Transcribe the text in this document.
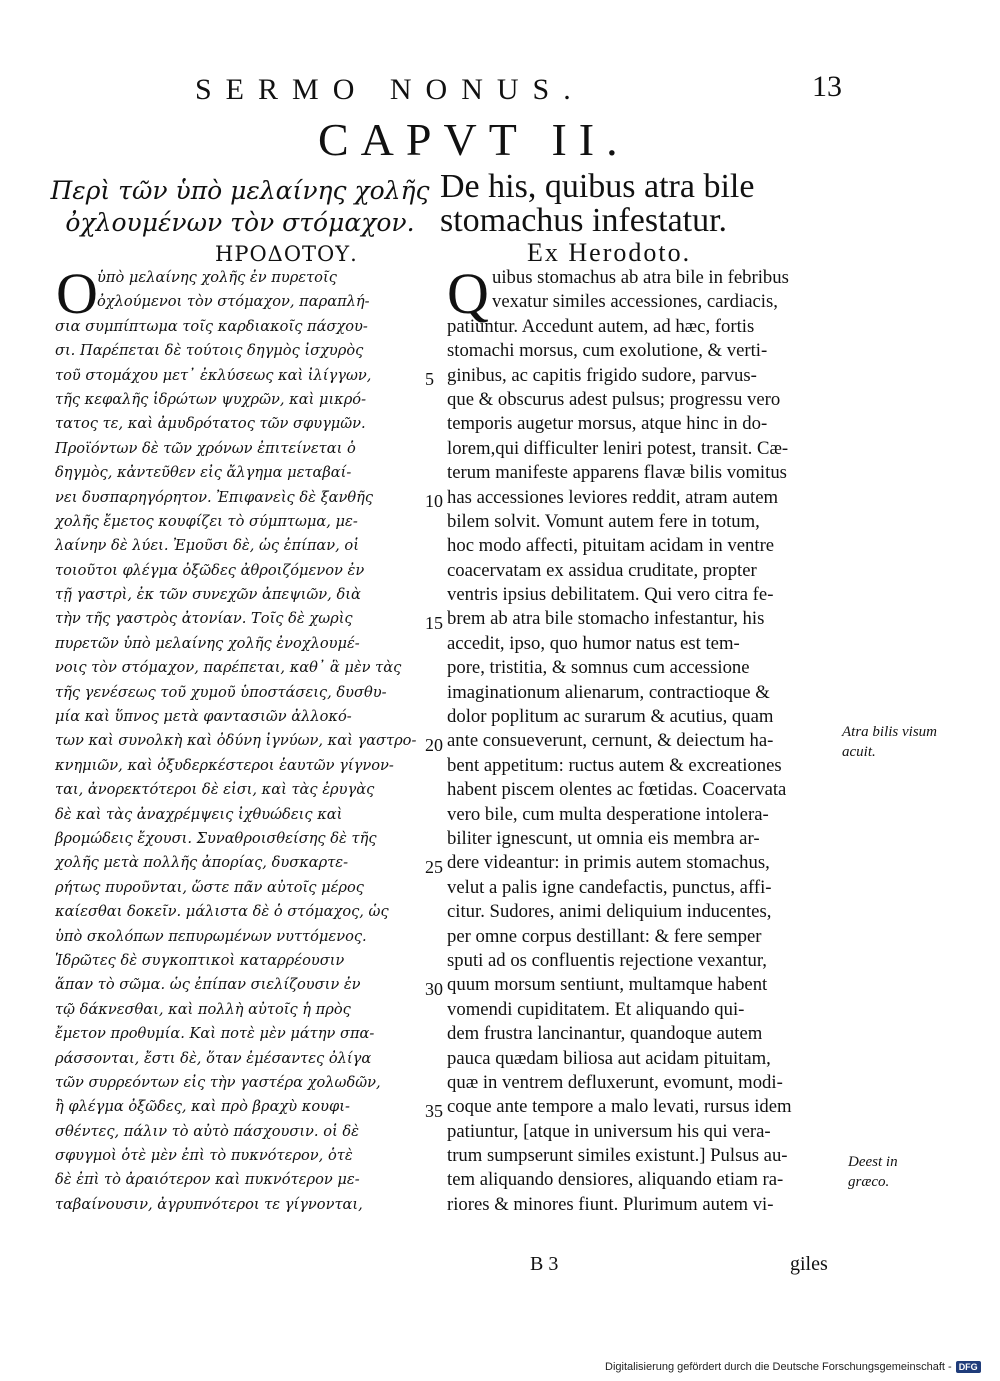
SERMO NONUS.	13
CAPVT II.
Περὶ τῶν ὑπὸ μελαίνης χολῆς ὀχλουμένων τὸν στόμαχον.
De his, quibus atra bile stomachus infestatur.
ΗΡΟΔΟΤΟΥ.	Ex Herodoto.
Ο	Q
ὑπὸ μελαίνης χολῆς ἐν πυρετοῖς
ὀχλούμενοι τὸν στόμαχον, παραπλή-
σια συμπίπτωμα τοῖς καρδιακοῖς πάσχου-
σι. Παρέπεται δὲ τούτοις δηγμὸς ἰσχυρὸς
τοῦ στομάχου μετ᾽ ἐκλύσεως καὶ ἰλίγγων,
τῆς κεφαλῆς ἱδρώτων ψυχρῶν, καὶ μικρό-
τατος τε, καὶ ἀμυδρότατος τῶν σφυγμῶν.
Προϊόντων δὲ τῶν χρόνων ἐπιτείνεται ὁ
δηγμὸς, κἀντεῦθεν εἰς ἄλγημα μεταβαί-
νει δυσπαρηγόρητον. Ἐπιφανεὶς δὲ ξανθῆς
χολῆς ἔμετος κουφίζει τὸ σύμπτωμα, με-
λαίνην δὲ λύει. Ἐμοῦσι δὲ, ὡς ἐπίπαν, οἱ
τοιοῦτοι φλέγμα ὀξῶδες ἀθροιζόμενον ἐν
τῇ γαστρὶ, ἐκ τῶν συνεχῶν ἀπεψιῶν, διὰ
τὴν τῆς γαστρὸς ἀτονίαν. Τοῖς δὲ χωρὶς
πυρετῶν ὑπὸ μελαίνης χολῆς ἐνοχλουμέ-
νοις τὸν στόμαχον, παρέπεται, καθ᾽ ἃ μὲν τὰς
τῆς γενέσεως τοῦ χυμοῦ ὑποστάσεις, δυσθυ-
μία καὶ ὕπνος μετὰ φαντασιῶν ἀλλοκό-
των καὶ συνολκὴ καὶ ὀδύνη ἰγνύων, καὶ γαστρο-
κνημιῶν, καὶ ὀξυδερκέστεροι ἑαυτῶν γίγνον-
ται, ἀνορεκτότεροι δὲ εἰσι, καὶ τὰς ἐρυγὰς
δὲ καὶ τὰς ἀναχρέμψεις ἰχθυώδεις καὶ
βρομώδεις ἔχουσι. Συναθροισθείσης δὲ τῆς
χολῆς μετὰ πολλῆς ἀπορίας, δυσκαρτε-
ρήτως πυροῦνται, ὥστε πᾶν αὐτοῖς μέρος
καίεσθαι δοκεῖν. μάλιστα δὲ ὁ στόμαχος, ὡς
ὑπὸ σκολόπων πεπυρωμένων νυττόμενος.
Ἱδρῶτες δὲ συγκοπτικοὶ καταρρέουσιν
ἅπαν τὸ σῶμα. ὡς ἐπίπαν σιελίζουσιν ἐν
τῷ δάκνεσθαι, καὶ πολλὴ αὐτοῖς ἡ πρὸς
ἔμετον προθυμία. Καὶ ποτὲ μὲν μάτην σπα-
ράσσονται, ἔστι δὲ, ὅταν ἐμέσαντες ὀλίγα
τῶν συρρεόντων εἰς τὴν γαστέρα χολωδῶν,
ἢ φλέγμα ὀξῶδες, καὶ πρὸ βραχὺ κουφι-
σθέντες, πάλιν τὸ αὐτὸ πάσχουσιν. οἱ δὲ
σφυγμοὶ ὁτὲ μὲν ἐπὶ τὸ πυκνότερον, ὁτὲ
δὲ ἐπὶ τὸ ἀραιότερον καὶ πυκνότερον με-
ταβαίνουσιν, ἀγρυπνότεροι τε γίγνονται,
uibus stomachus ab atra bile in febribus
vexatur similes accessiones, cardiacis,
patiuntur. Accedunt autem, ad hæc, fortis
stomachi morsus, cum exolutione, & verti-
ginibus, ac capitis frigido sudore, parvus-
que & obscurus adest pulsus; progressu vero
temporis augetur morsus, atque hinc in do-
lorem,qui difficulter leniri potest, transit. Cæ-
terum manifeste apparens flavæ bilis vomitus
has accessiones leviores reddit, atram autem
bilem solvit. Vomunt autem fere in totum,
hoc modo affecti, pituitam acidam in ventre
coacervatam ex assidua cruditate, propter
ventris ipsius debilitatem. Qui vero citra fe-
brem ab atra bile stomacho infestantur, his
accedit, ipso, quo humor natus est tem-
pore, tristitia, & somnus cum accessione
imaginationum alienarum, contractioque &
dolor poplitum ac surarum & acutius, quam
ante consueverunt, cernunt, & deiectum ha-
bent appetitum: ructus autem & excreationes
habent piscem olentes ac fœtidas. Coacervata
vero bile, cum multa desperatione intolera-
biliter ignescunt, ut omnia eis membra ar-
dere videantur: in primis autem stomachus,
velut a palis igne candefactis, punctus, affi-
citur. Sudores, animi deliquium inducentes,
per omne corpus destillant: & fere semper
sputi ad os confluentis rejectione vexantur,
quum morsum sentiunt, multamque habent
vomendi cupiditatem. Et aliquando qui-
dem frustra lancinantur, quandoque autem
pauca quædam biliosa aut acidam pituitam,
quæ in ventrem defluxerunt, evomunt, modi-
coque ante tempore a malo levati, rursus idem
patiuntur, [atque in universum his qui vera-
trum sumpserunt similes existunt.] Pulsus au-
tem aliquando densiores, aliquando etiam ra-
riores & minores fiunt. Plurimum autem vi-
5
10
15
20
25
30
35
Atra bilis visum acuit.
Deest in græco.
B 3	giles
Digitalisierung gefördert durch die Deutsche Forschungsgemeinschaft - DFG
